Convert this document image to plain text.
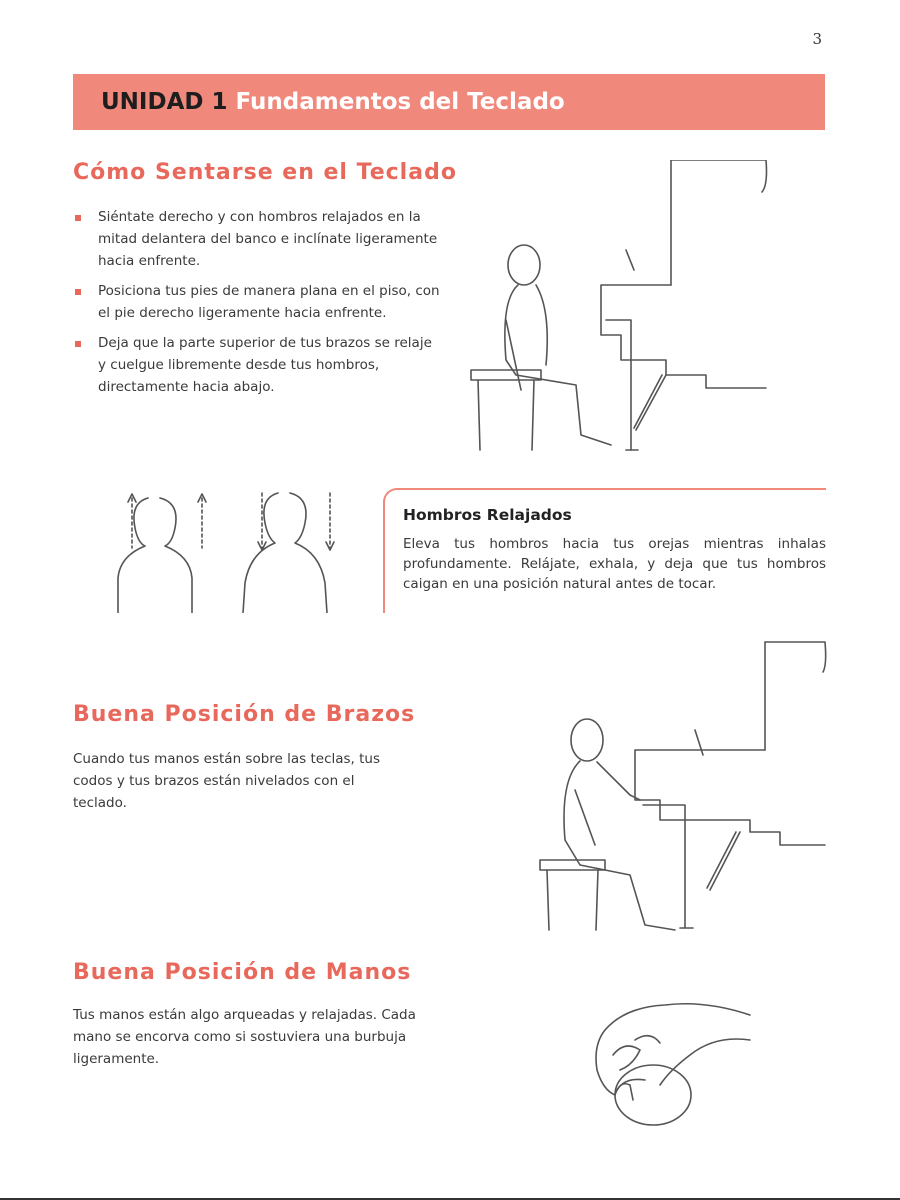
3
UNIDAD 1 Fundamentos del Teclado
Cómo Sentarse en el Teclado
Siéntate derecho y con hombros relajados en la mitad delantera del banco e inclínate ligeramente hacia enfrente.
Posiciona tus pies de manera plana en el piso, con el pie derecho ligeramente hacia enfrente.
Deja que la parte superior de tus brazos se relaje y cuelgue libremente desde tus hombros, directamente hacia abajo.
Hombros Relajados

Eleva tus hombros hacia tus orejas mientras inhalas profundamente. Relájate, exhala, y deja que tus hombros caigan en una posición natural antes de tocar.

Buena Posición de Brazos

Cuando tus manos están sobre las teclas, tus codos y tus brazos están nivelados con el teclado.

Buena Posición de Manos

Tus manos están algo arqueadas y relajadas. Cada mano se encorva como si sostuviera una burbuja ligeramente.
